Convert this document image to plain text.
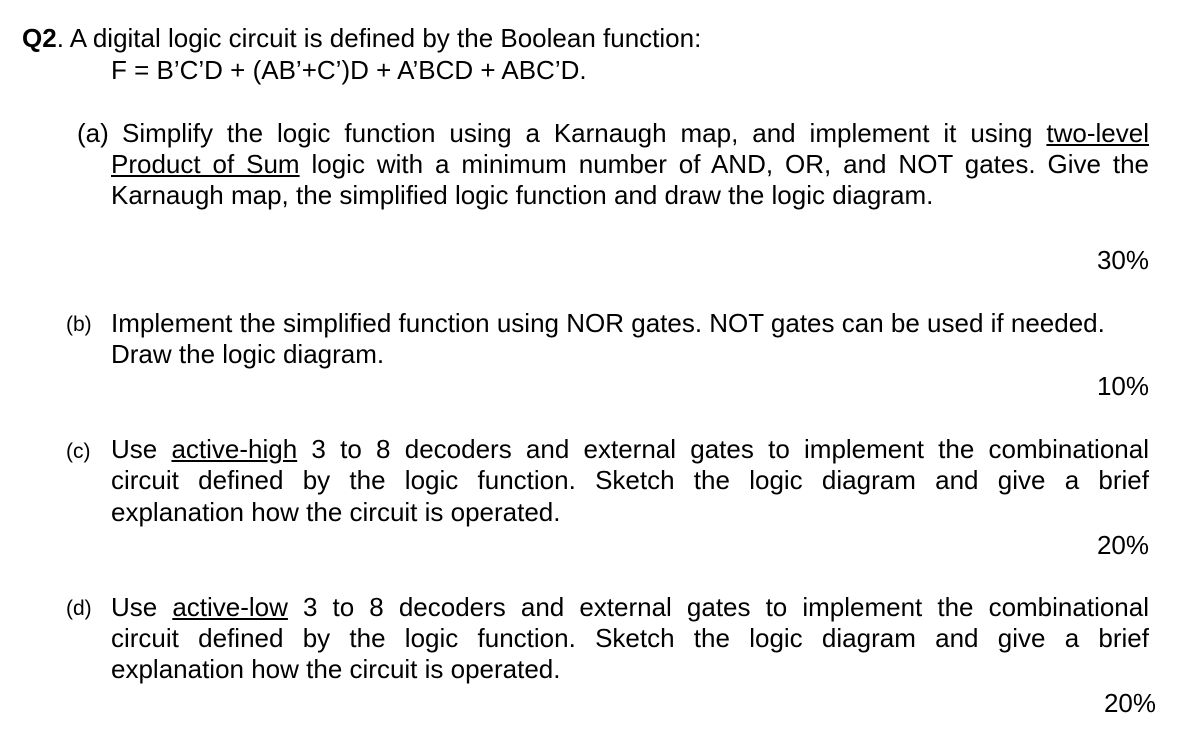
Q2. A digital logic circuit is defined by the Boolean function:
F = B’C’D + (AB’+C’)D + A’BCD + ABC’D.
(a) Simplify the logic function using a Karnaugh map, and implement it using two-level
Product of Sum logic with a minimum number of AND, OR, and NOT gates. Give the
Karnaugh map, the simplified logic function and draw the logic diagram.
30%
(b) Implement the simplified function using NOR gates. NOT gates can be used if needed.
Draw the logic diagram.
10%
(c) Use active-high 3 to 8 decoders and external gates to implement the combinational
circuit defined by the logic function. Sketch the logic diagram and give a brief
explanation how the circuit is operated.
20%
(d) Use active-low 3 to 8 decoders and external gates to implement the combinational
circuit defined by the logic function. Sketch the logic diagram and give a brief
explanation how the circuit is operated.
20%
